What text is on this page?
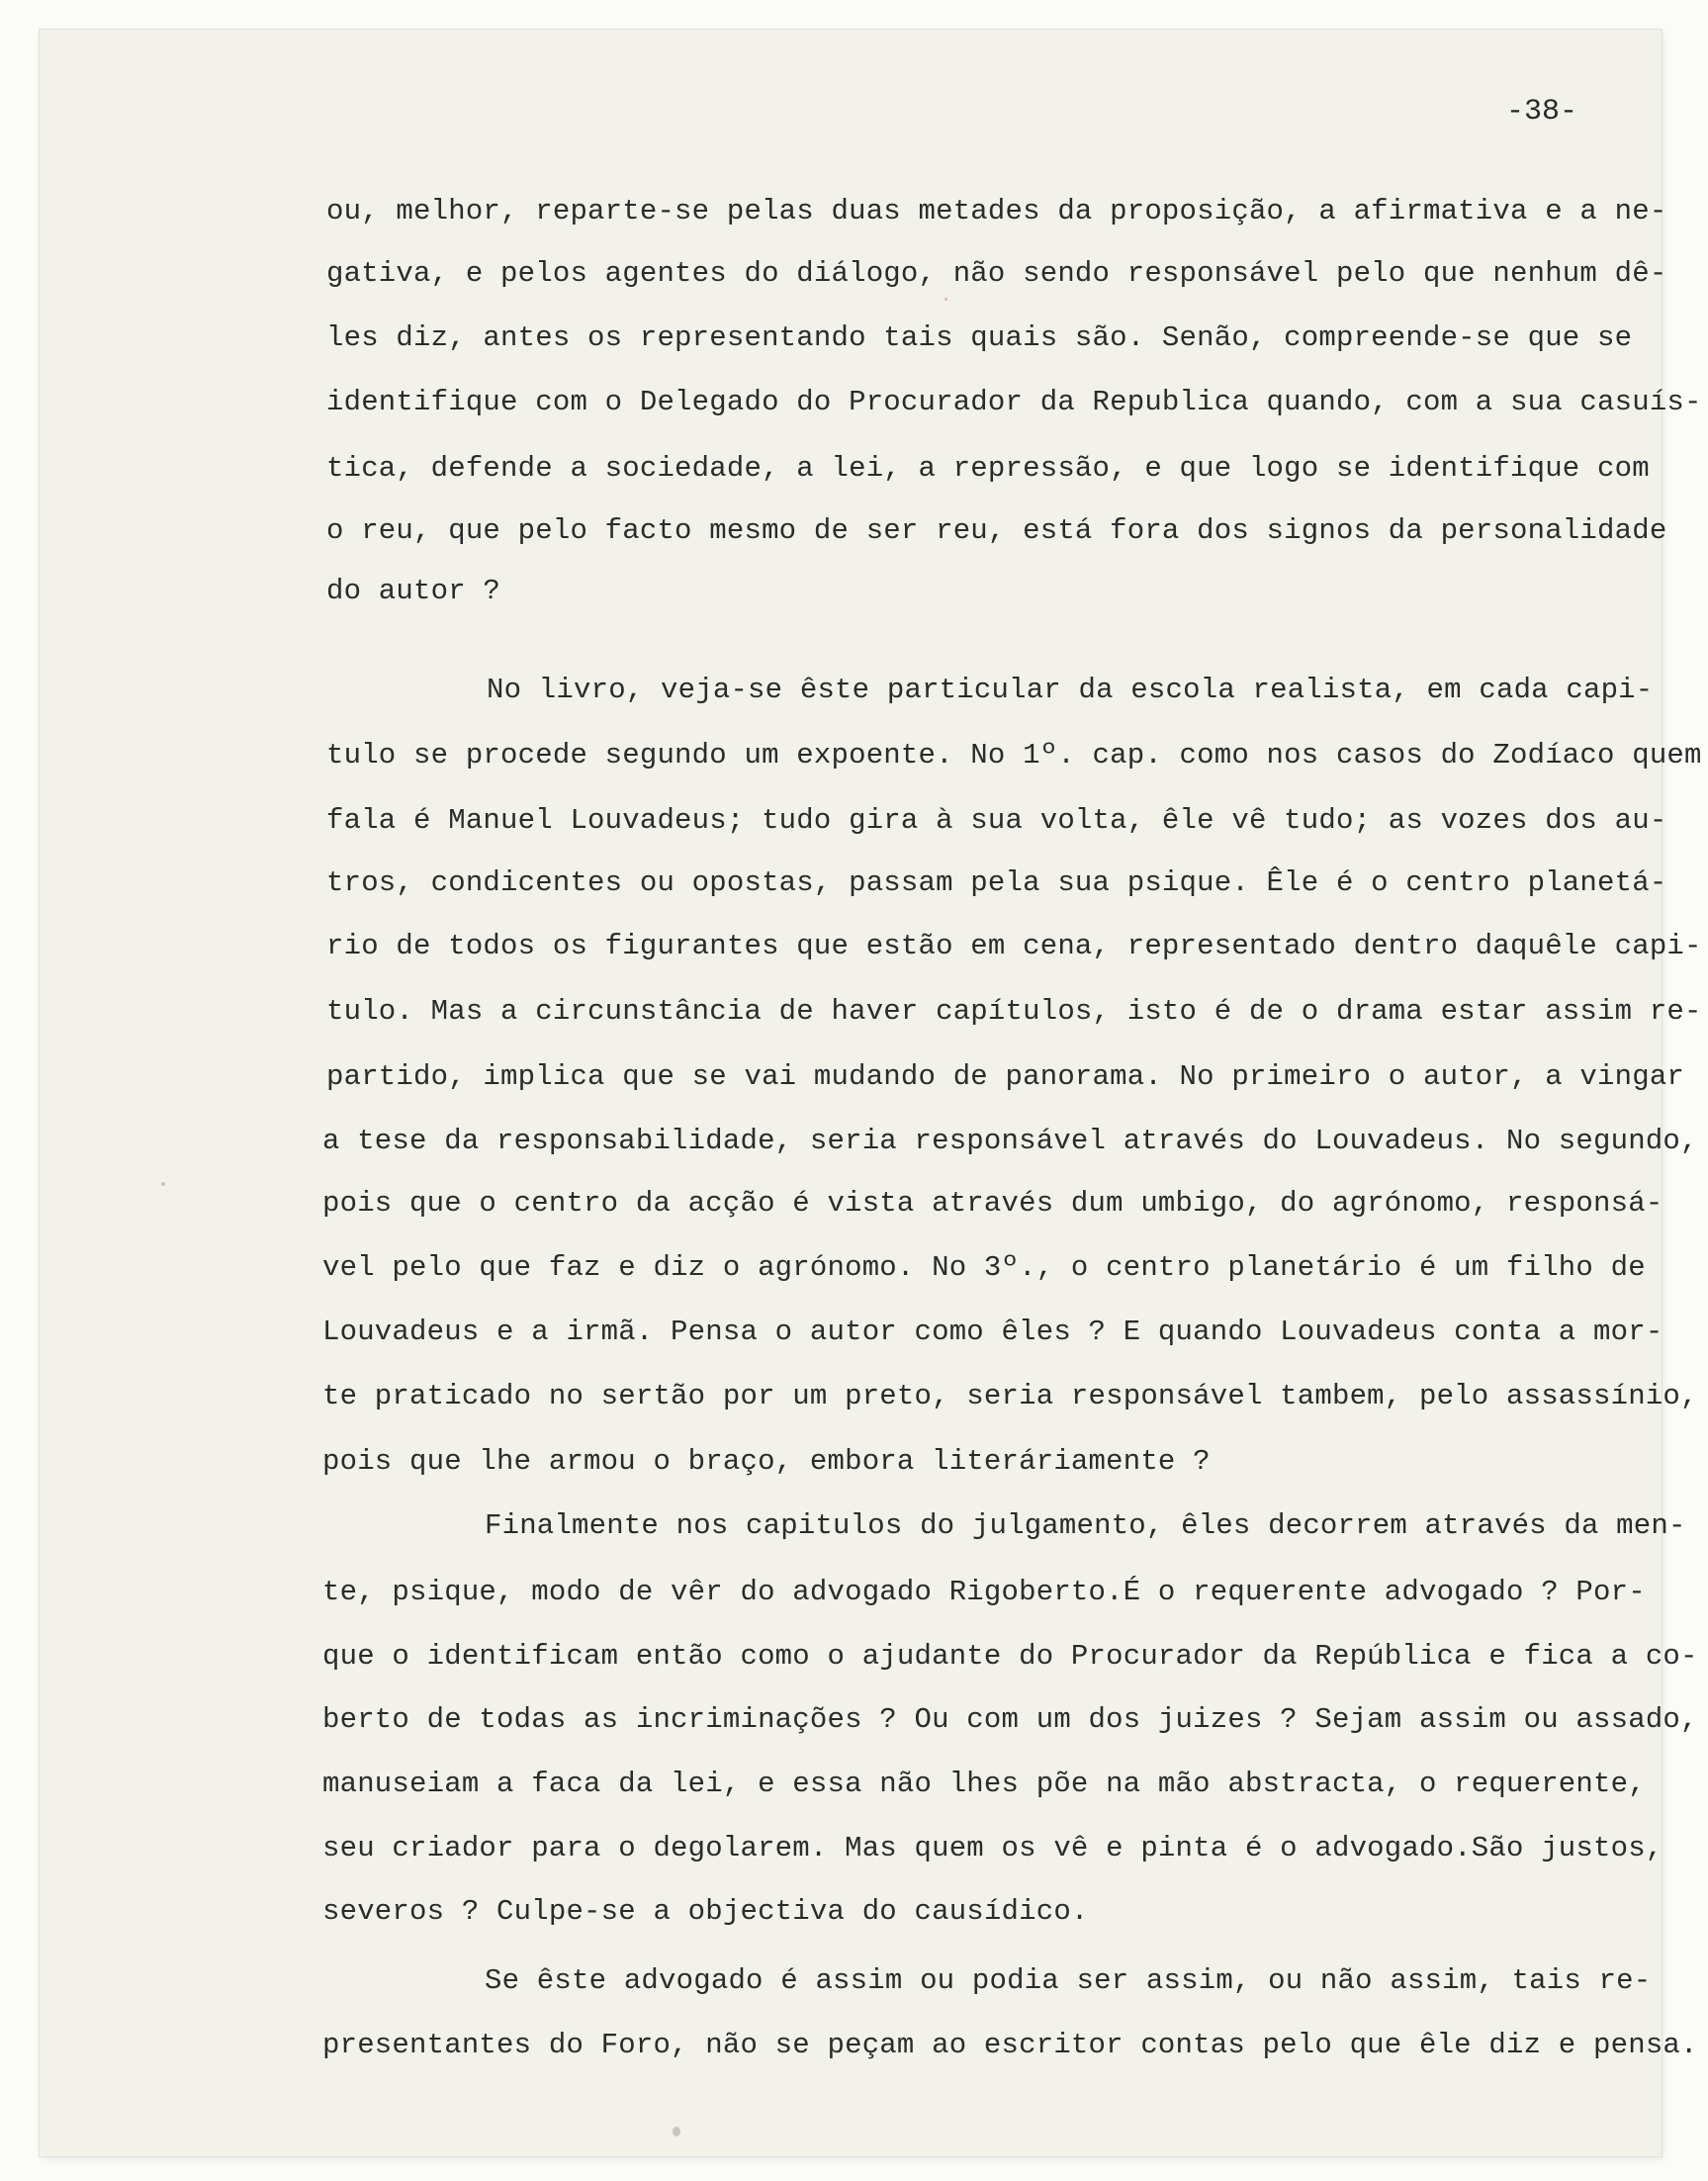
-38-
ou, melhor, reparte-se pelas duas metades da proposição, a afirmativa e a ne-
gativa, e pelos agentes do diálogo, não sendo responsável pelo que nenhum dê-
les diz, antes os representando tais quais são. Senão, compreende-se que se
identifique com o Delegado do Procurador da Republica quando, com a sua casuís-
tica, defende a sociedade, a lei, a repressão, e que logo se identifique com
o reu, que pelo facto mesmo de ser reu, está fora dos signos da personalidade
do autor ?
No livro, veja-se êste particular da escola realista, em cada capi-
tulo se procede segundo um expoente. No 1º. cap. como nos casos do Zodíaco quem
fala é Manuel Louvadeus; tudo gira à sua volta, êle vê tudo; as vozes dos au-
tros, condicentes ou opostas, passam pela sua psique. Êle é o centro planetá-
rio de todos os figurantes que estão em cena, representado dentro daquêle capi-
tulo. Mas a circunstância de haver capítulos, isto é de o drama estar assim re-
partido, implica que se vai mudando de panorama. No primeiro o autor, a vingar
a tese da responsabilidade, seria responsável através do Louvadeus. No segundo,
pois que o centro da acção é vista através dum umbigo, do agrónomo, responsá-
vel pelo que faz e diz o agrónomo. No 3º., o centro planetário é um filho de
Louvadeus e a irmã. Pensa o autor como êles ? E quando Louvadeus conta a mor-
te praticado no sertão por um preto, seria responsável tambem, pelo assassínio,
pois que lhe armou o braço, embora literáriamente ?
Finalmente nos capitulos do julgamento, êles decorrem através da men-
te, psique, modo de vêr do advogado Rigoberto.É o requerente advogado ? Por-
que o identificam então como o ajudante do Procurador da República e fica a co-
berto de todas as incriminações ? Ou com um dos juizes ? Sejam assim ou assado,
manuseiam a faca da lei, e essa não lhes põe na mão abstracta, o requerente,
seu criador para o degolarem. Mas quem os vê e pinta é o advogado.São justos,
severos ? Culpe-se a objectiva do causídico.
Se êste advogado é assim ou podia ser assim, ou não assim, tais re-
presentantes do Foro, não se peçam ao escritor contas pelo que êle diz e pensa.
